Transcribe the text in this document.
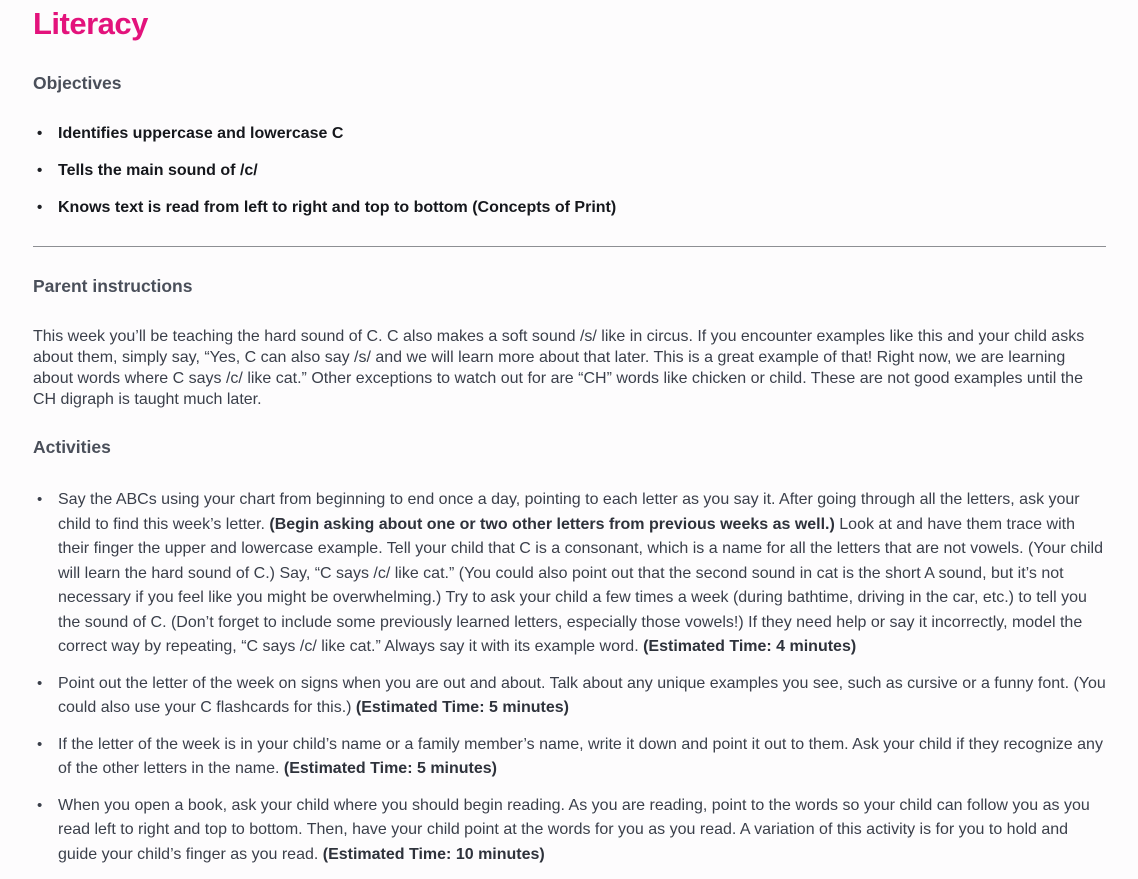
Literacy
Objectives
• Identifies uppercase and lowercase C
• Tells the main sound of /c/
• Knows text is read from left to right and top to bottom (Concepts of Print)
Parent instructions

This week you’ll be teaching the hard sound of C. C also makes a soft sound /s/ like in circus. If you encounter examples like this and your child asks about them, simply say, “Yes, C can also say /s/ and we will learn more about that later. This is a great example of that! Right now, we are learning about words where C says /c/ like cat.” Other exceptions to watch out for are “CH” words like chicken or child. These are not good examples until the CH digraph is taught much later.

Activities
• Say the ABCs using your chart from beginning to end once a day, pointing to each letter as you say it. After going through all the letters, ask your child to find this week’s letter. (Begin asking about one or two other letters from previous weeks as well.) Look at and have them trace with their finger the upper and lowercase example. Tell your child that C is a consonant, which is a name for all the letters that are not vowels. (Your child will learn the hard sound of C.) Say, “C says /c/ like cat.” (You could also point out that the second sound in cat is the short A sound, but it’s not necessary if you feel like you might be overwhelming.) Try to ask your child a few times a week (during bathtime, driving in the car, etc.) to tell you the sound of C. (Don’t forget to include some previously learned letters, especially those vowels!) If they need help or say it incorrectly, model the correct way by repeating, “C says /c/ like cat.” Always say it with its example word. (Estimated Time: 4 minutes)
• Point out the letter of the week on signs when you are out and about. Talk about any unique examples you see, such as cursive or a funny font. (You could also use your C flashcards for this.) (Estimated Time: 5 minutes)
• If the letter of the week is in your child’s name or a family member’s name, write it down and point it out to them. Ask your child if they recognize any of the other letters in the name. (Estimated Time: 5 minutes)
• When you open a book, ask your child where you should begin reading. As you are reading, point to the words so your child can follow you as you read left to right and top to bottom. Then, have your child point at the words for you as you read. A variation of this activity is for you to hold and guide your child’s finger as you read. (Estimated Time: 10 minutes)
